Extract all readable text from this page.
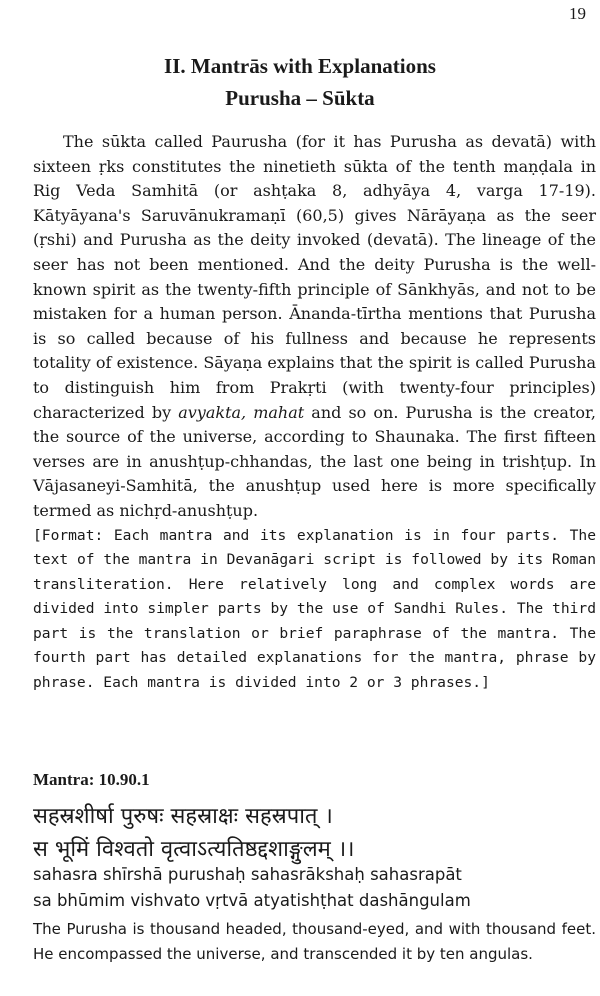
19
II. Mantrās with Explanations
Purusha – Sūkta

The sūkta called Paurusha (for it has Purusha as devatā) with sixteen ṛks constitutes the ninetieth sūkta of the tenth maṇḍala in Rig Veda Samhitā (or ashṭaka 8, adhyāya 4, varga 17-19). Kātyāyana's Saruvānukramaṇī (60,5) gives Nārāyaṇa as the seer (ṛshi) and Purusha as the deity invoked (devatā). The lineage of the seer has not been mentioned. And the deity Purusha is the well-known spirit as the twenty-fifth principle of Sānkhyās, and not to be mistaken for a human person. Ānanda-tīrtha mentions that Purusha is so called because of his fullness and because he represents totality of existence. Sāyaṇa explains that the spirit is called Purusha to distinguish him from Prakṛti (with twenty-four principles) characterized by avyakta, mahat and so on. Purusha is the creator, the source of the universe, according to Shaunaka. The first fifteen verses are in anushṭup-chhandas, the last one being in trishṭup. In Vājasaneyi-Samhitā, the anushṭup used here is more specifically termed as nichṛd-anushṭup.

[Format: Each mantra and its explanation is in four parts. The text of the mantra in Devanāgari script is followed by its Roman transliteration. Here relatively long and complex words are divided into simpler parts by the use of Sandhi Rules. The third part is the translation or brief paraphrase of the mantra. The fourth part has detailed explanations for the mantra, phrase by phrase. Each mantra is divided into 2 or 3 phrases.]

Mantra: 10.90.1
सहस्रशीर्षा पुरुषः सहस्राक्षः सहस्रपात् ।
स भूमिं विश्वतो वृत्वाऽत्यतिष्ठद्दशाङ्गुलम् ।।
sahasra shīrshā purushaḥ sahasrākshaḥ sahasrapāt
sa bhūmim vishvato vṛtvā atyatishṭhat dashāngulam
The Purusha is thousand headed, thousand-eyed, and with thousand feet. He encompassed the universe, and transcended it by ten angulas.
